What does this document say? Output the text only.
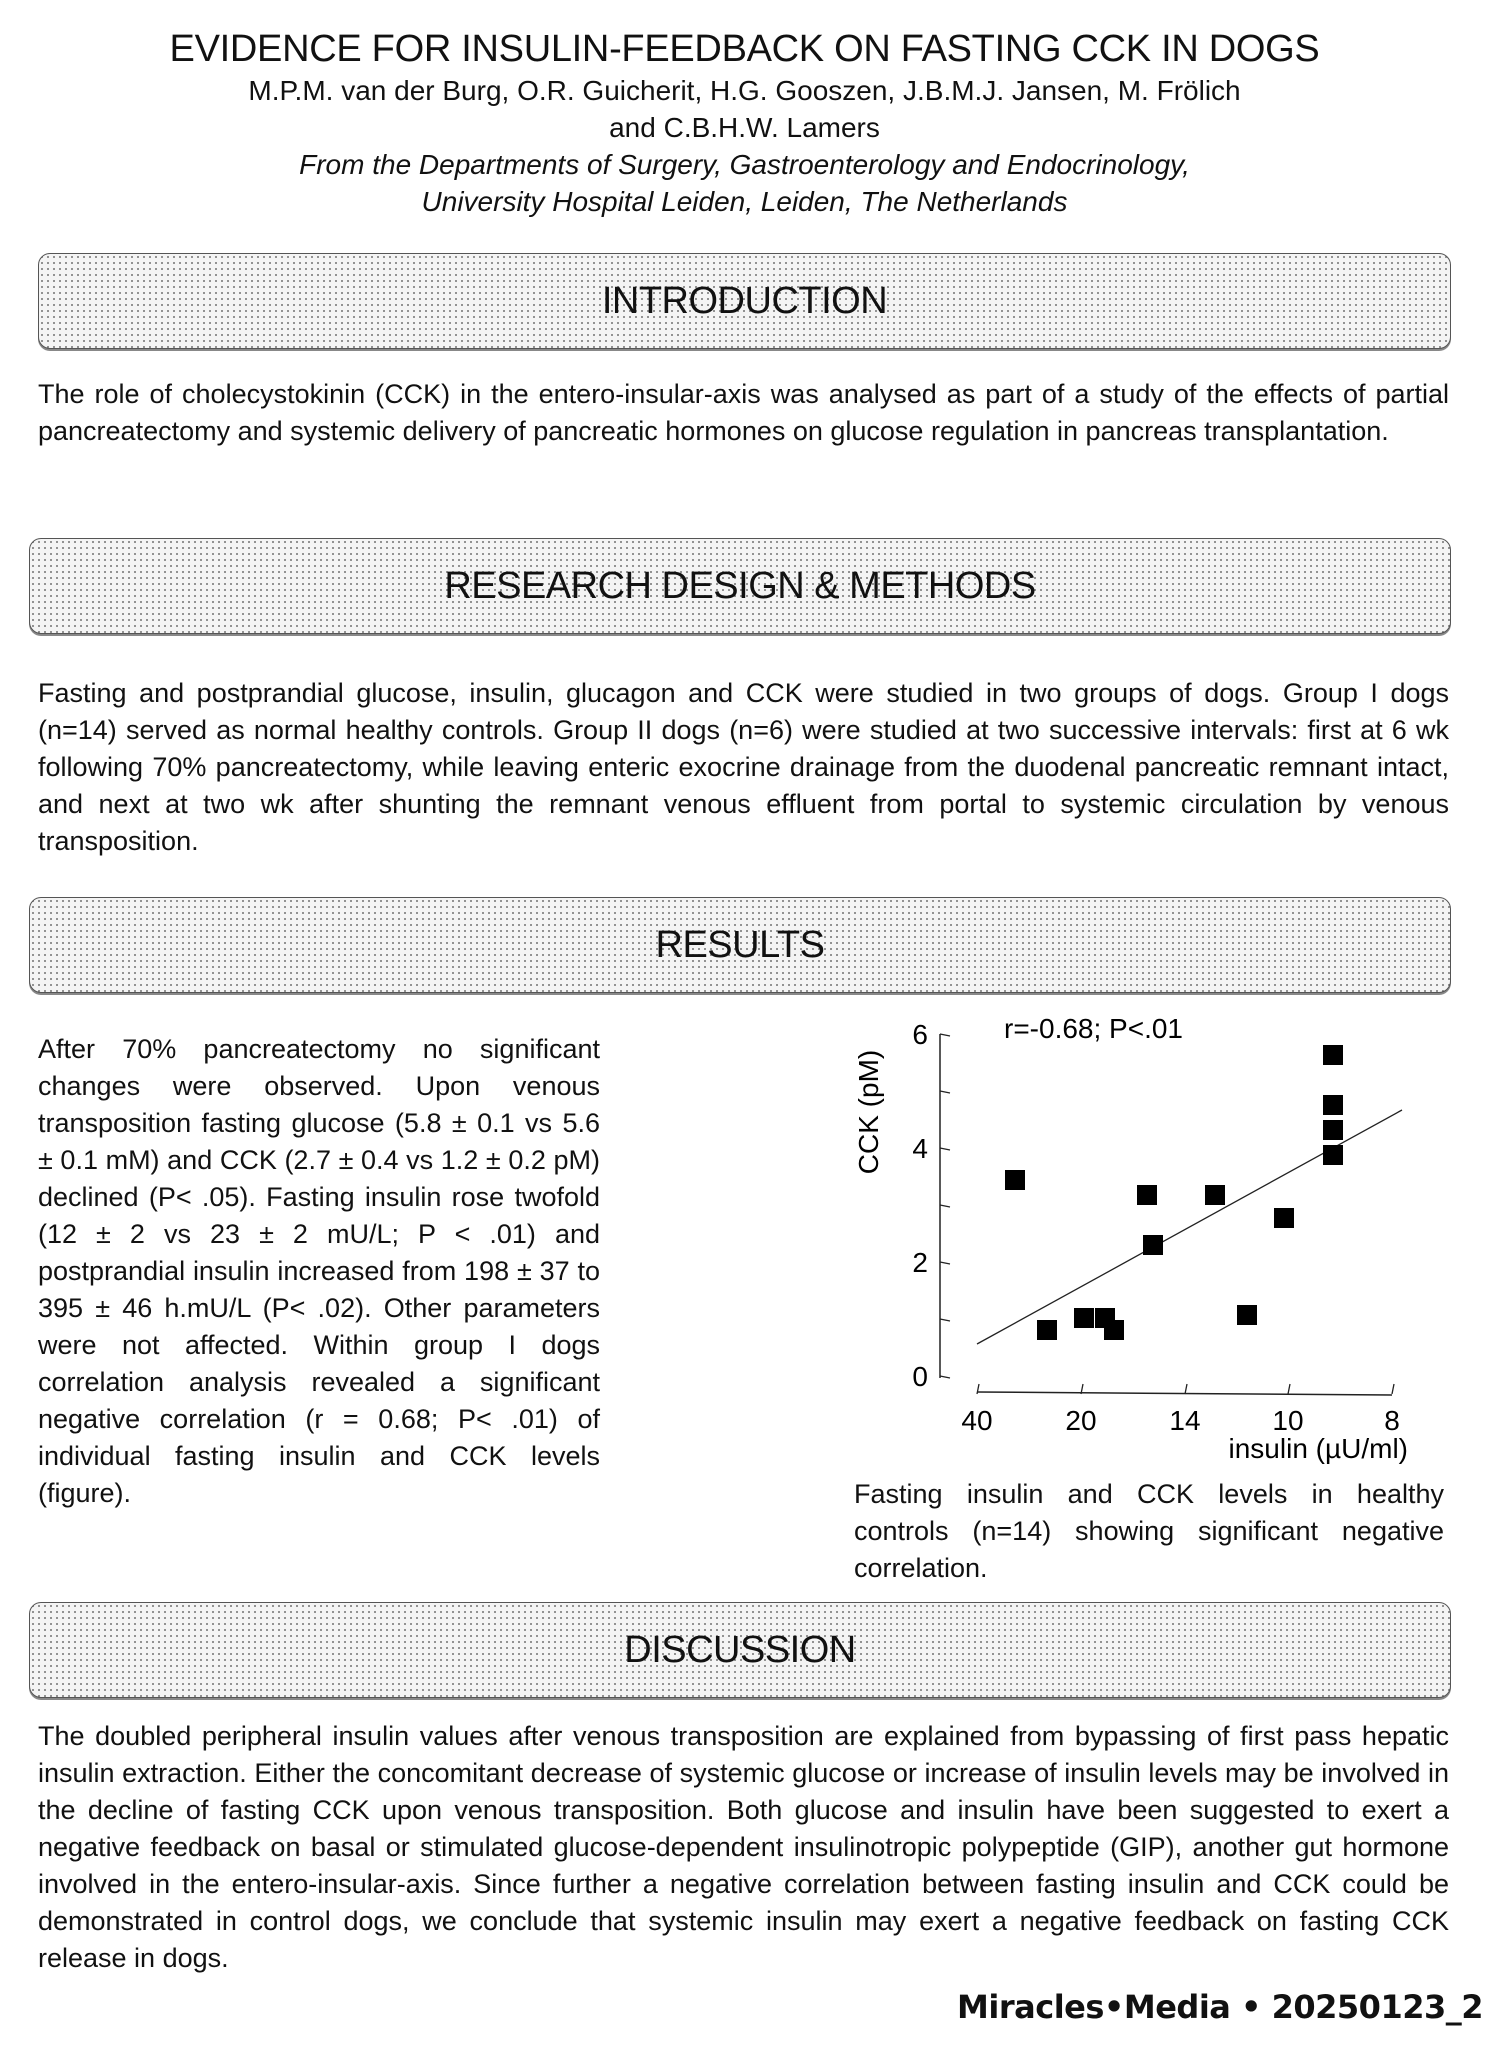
EVIDENCE FOR INSULIN-FEEDBACK ON FASTING CCK IN DOGS
M.P.M. van der Burg, O.R. Guicherit, H.G. Gooszen, J.B.M.J. Jansen, M. Frölich
and C.B.H.W. Lamers
From the Departments of Surgery, Gastroenterology and Endocrinology,
University Hospital Leiden, Leiden, The Netherlands
INTRODUCTION

The role of cholecystokinin (CCK) in the entero-insular-axis was analysed as part of a study of the effects of partial pancreatectomy and systemic delivery of pancreatic hormones on glucose regulation in pancreas transplantation.

RESEARCH DESIGN & METHODS

Fasting and postprandial glucose, insulin, glucagon and CCK were studied in two groups of dogs. Group I dogs (n=14) served as normal healthy controls. Group II dogs (n=6) were studied at two successive intervals: first at 6 wk following 70% pancreatectomy, while leaving enteric exocrine drainage from the duodenal pancreatic remnant intact, and next at two wk after shunting the remnant venous effluent from portal to systemic circulation by venous transposition.

RESULTS

After 70% pancreatectomy no significant changes were observed. Upon venous transposition fasting glucose (5.8 ± 0.1 vs 5.6 ± 0.1 mM) and CCK (2.7 ± 0.4 vs 1.2 ± 0.2 pM) declined (P< .05). Fasting insulin rose twofold (12 ± 2 vs 23 ± 2 mU/L; P < .01) and postprandial insulin increased from 198 ± 37 to 395 ± 46 h.mU/L (P< .02). Other parameters were not affected. Within group I dogs correlation analysis revealed a significant negative correlation (r = 0.68; P< .01) of individual fasting insulin and CCK levels (figure).

CCK (pM)
r=-0.68; P<.01
6
4
2
0
40	20	14	10	8
insulin (µU/ml)
Fasting insulin and CCK levels in healthy controls (n=14) showing significant negative correlation.
DISCUSSION

The doubled peripheral insulin values after venous transposition are explained from bypassing of first pass hepatic insulin extraction. Either the concomitant decrease of systemic glucose or increase of insulin levels may be involved in the decline of fasting CCK upon venous transposition. Both glucose and insulin have been suggested to exert a negative feedback on basal or stimulated glucose-dependent insulinotropic polypeptide (GIP), another gut hormone involved in the entero-insular-axis. Since further a negative correlation between fasting insulin and CCK could be demonstrated in control dogs, we conclude that systemic insulin may exert a negative feedback on fasting CCK release in dogs.

Miracles•Media • 20250123_2
